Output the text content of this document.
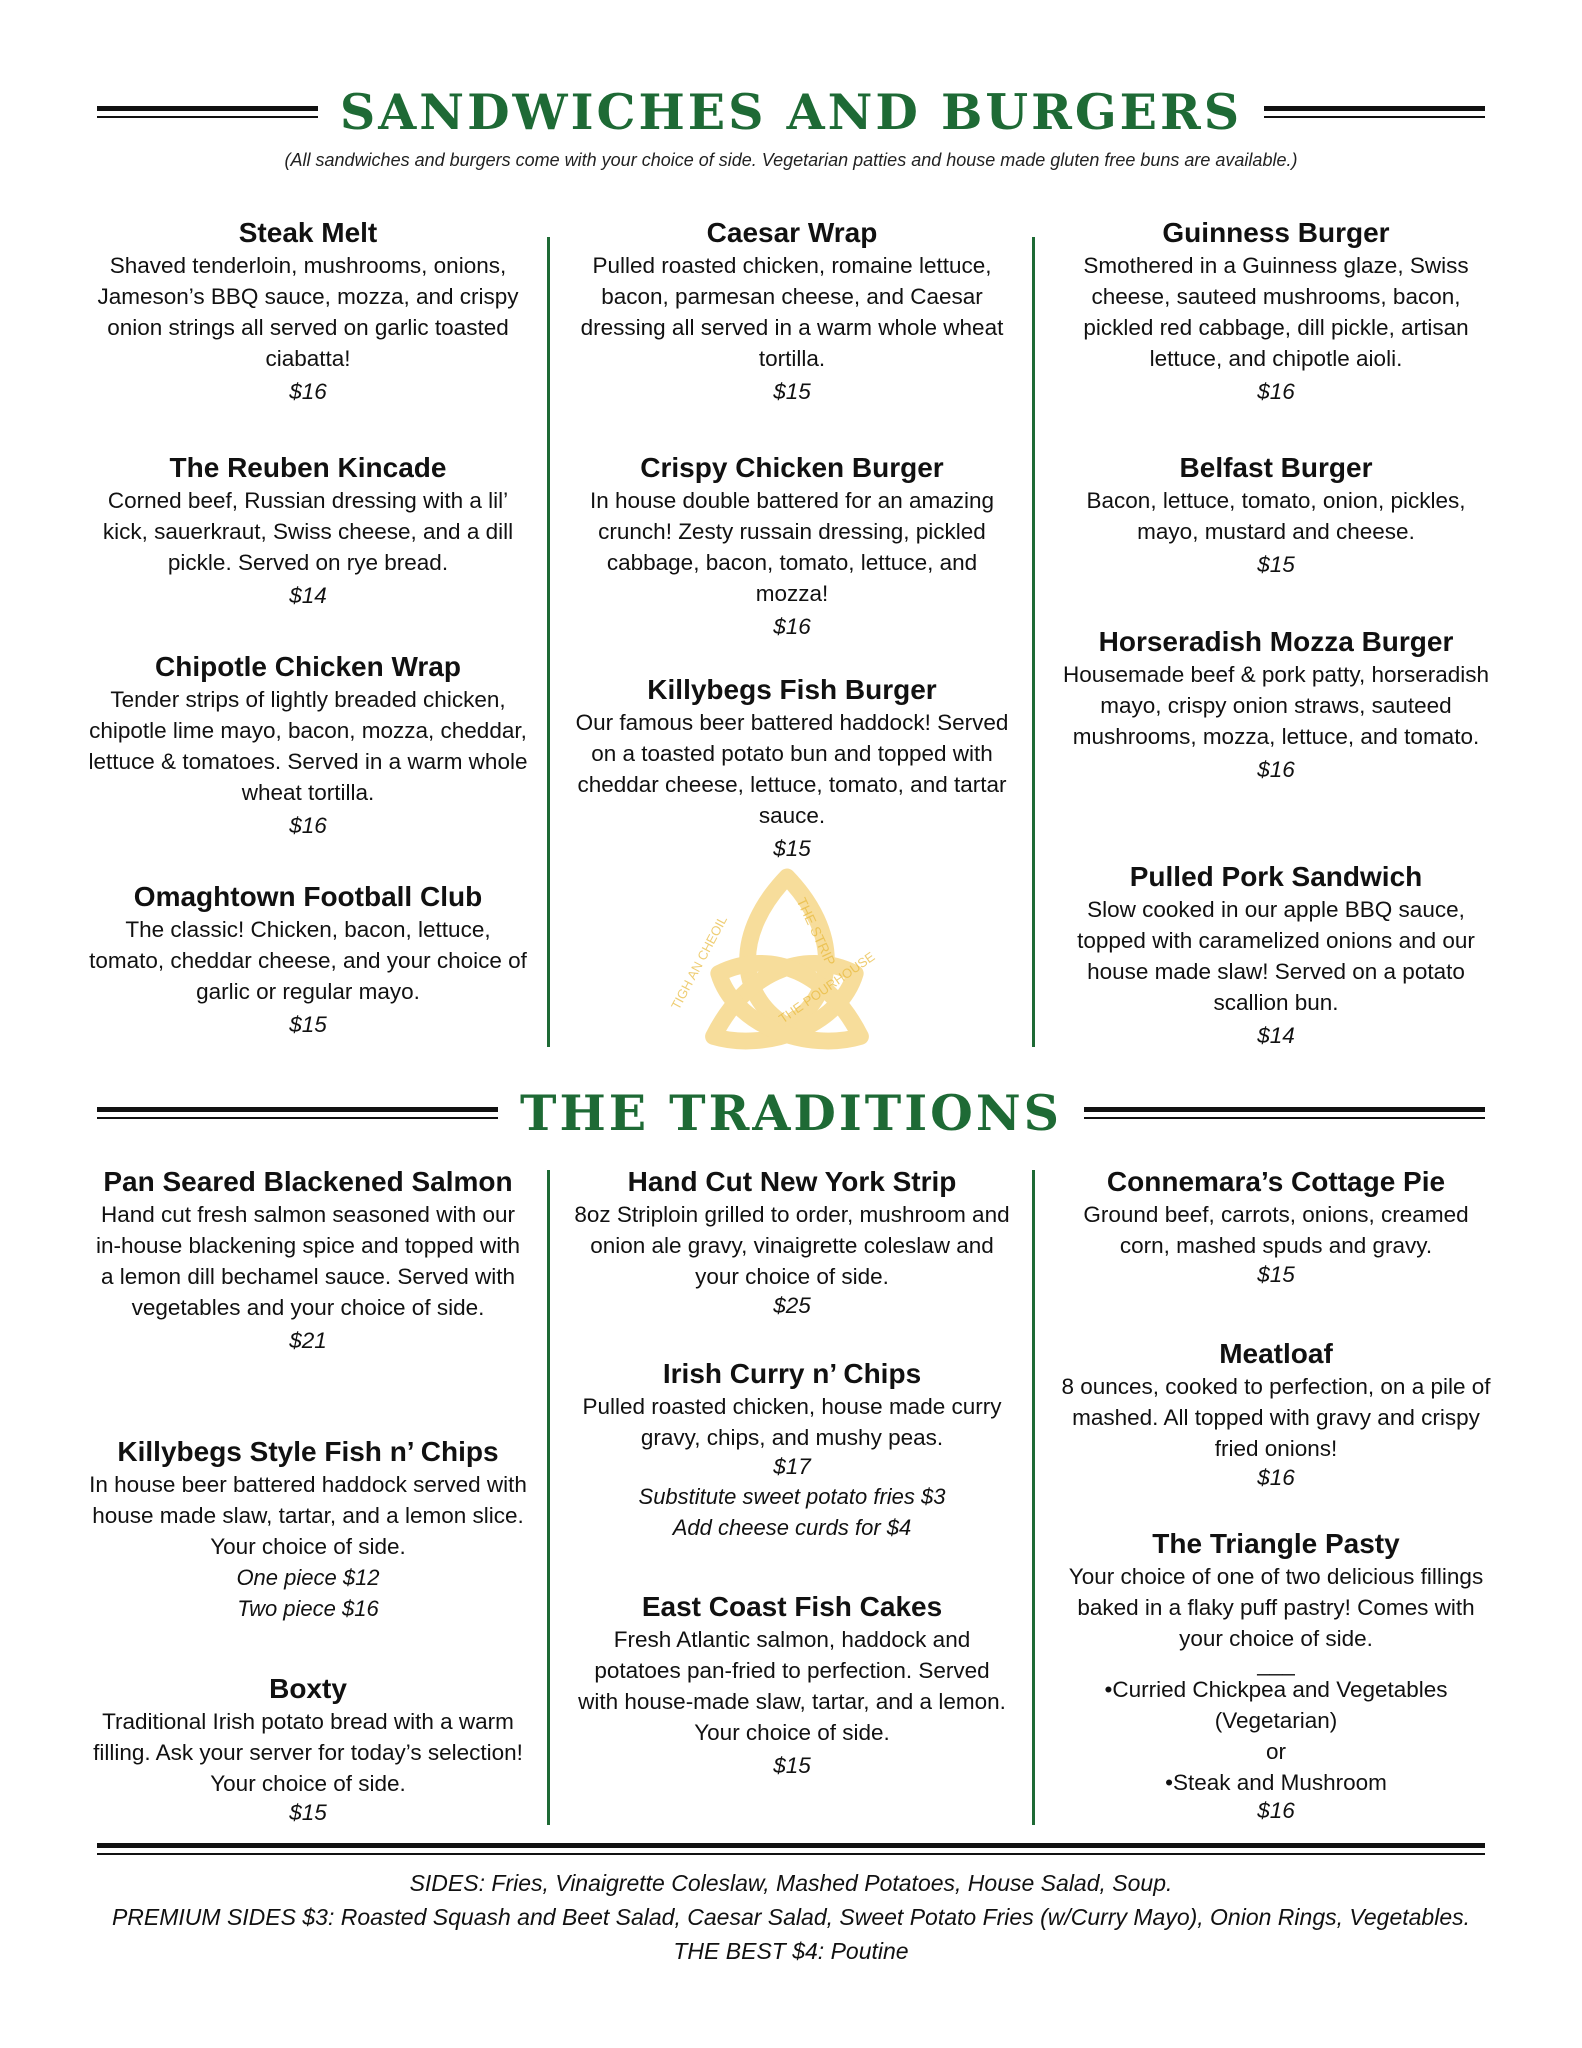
SANDWICHES AND BURGERS
(All sandwiches and burgers come with your choice of side. Vegetarian patties and house made gluten free buns are available.)
THE STRIP
THE POURHOUSE
TIGH AN CHEOIL
Steak Melt
Shaved tenderloin, mushrooms, onions, Jameson’s BBQ sauce, mozza, and crispy onion strings all served on garlic toasted ciabatta!
$16
The Reuben Kincade
Corned beef, Russian dressing with a lil’ kick, sauerkraut, Swiss cheese, and a dill pickle. Served on rye bread.
$14
Chipotle Chicken Wrap
Tender strips of lightly breaded chicken, chipotle lime mayo, bacon, mozza, cheddar, lettuce & tomatoes. Served in a warm whole wheat tortilla.
$16
Omaghtown Football Club
The classic! Chicken, bacon, lettuce, tomato, cheddar cheese, and your choice of garlic or regular mayo.
$15
Caesar Wrap
Pulled roasted chicken, romaine lettuce, bacon, parmesan cheese, and Caesar dressing all served in a warm whole wheat tortilla.
$15
Crispy Chicken Burger
In house double battered for an amazing crunch! Zesty russain dressing, pickled cabbage, bacon, tomato, lettuce, and mozza!
$16
Killybegs Fish Burger
Our famous beer battered haddock! Served on a toasted potato bun and topped with cheddar cheese, lettuce, tomato, and tartar sauce.
$15
Guinness Burger
Smothered in a Guinness glaze, Swiss cheese, sauteed mushrooms, bacon, pickled red cabbage, dill pickle, artisan lettuce, and chipotle aioli.
$16
Belfast Burger
Bacon, lettuce, tomato, onion, pickles, mayo, mustard and cheese.
$15
Horseradish Mozza Burger
Housemade beef & pork patty, horseradish mayo, crispy onion straws, sauteed mushrooms, mozza, lettuce, and tomato.
$16
Pulled Pork Sandwich
Slow cooked in our apple BBQ sauce, topped with caramelized onions and our house made slaw! Served on a potato scallion bun.
$14
THE TRADITIONS
Pan Seared Blackened Salmon
Hand cut fresh salmon seasoned with our in-house blackening spice and topped with a lemon dill bechamel sauce. Served with vegetables and your choice of side.
$21
Killybegs Style Fish n’ Chips
In house beer battered haddock served with house made slaw, tartar, and a lemon slice. Your choice of side.
One piece $12
Two piece $16
Boxty
Traditional Irish potato bread with a warm filling. Ask your server for today’s selection! Your choice of side.
$15
Hand Cut New York Strip
8oz Striploin grilled to order, mushroom and onion ale gravy, vinaigrette coleslaw and your choice of side.
$25
Irish Curry n’ Chips
Pulled roasted chicken, house made curry gravy, chips, and mushy peas.
$17
Substitute sweet potato fries $3
Add cheese curds for $4
East Coast Fish Cakes
Fresh Atlantic salmon, haddock and potatoes pan-fried to perfection. Served with house-made slaw, tartar, and a lemon. Your choice of side.
$15
Connemara’s Cottage Pie
Ground beef, carrots, onions, creamed corn, mashed spuds and gravy.
$15
Meatloaf
8 ounces, cooked to perfection, on a pile of mashed. All topped with gravy and crispy fried onions!
$16
The Triangle Pasty
Your choice of one of two delicious fillings baked in a flaky puff pastry! Comes with your choice of side.
___
•Curried Chickpea and Vegetables
(Vegetarian)
or
•Steak and Mushroom
$16
SIDES: Fries, Vinaigrette Coleslaw, Mashed Potatoes, House Salad, Soup.
PREMIUM SIDES $3: Roasted Squash and Beet Salad, Caesar Salad, Sweet Potato Fries (w/Curry Mayo), Onion Rings, Vegetables.
THE BEST $4: Poutine
